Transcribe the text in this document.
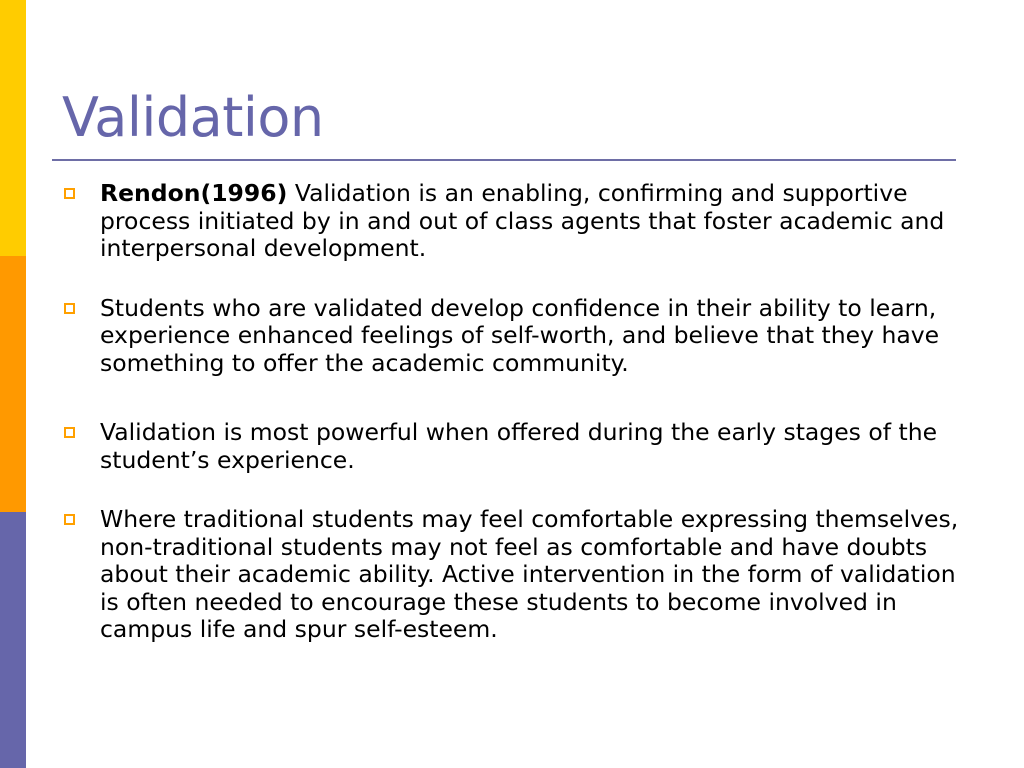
Validation
Rendon(1996) Validation is an enabling, confirming and supportive process initiated by in and out of class agents that foster academic and interpersonal development.
Students who are validated develop confidence in their ability to learn, experience enhanced feelings of self-worth, and believe that they have something to offer the academic community.
Validation is most powerful when offered during the early stages of the student’s experience.
Where traditional students may feel comfortable expressing themselves, non-traditional students may not feel as comfortable and have doubts about their academic ability. Active intervention in the form of validation is often needed to encourage these students to become involved in campus life and spur self-esteem.
